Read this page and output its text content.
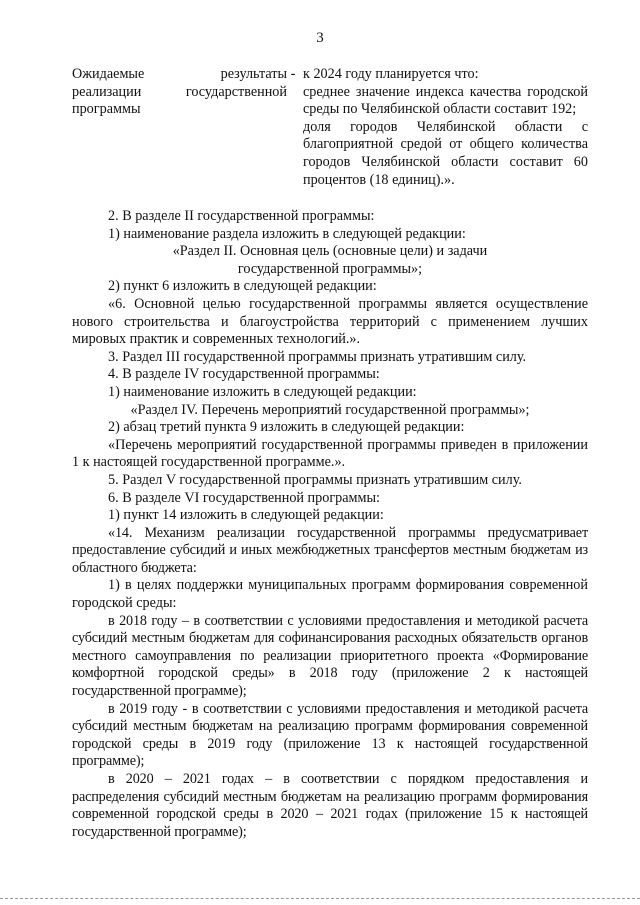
3
Ожидаемые	результаты
реализации государственной программы
- к 2024 году планируется что:

среднее значение индекса качества городской среды по Челябинской области составит 192;

доля городов Челябинской области с благоприятной средой от общего количества городов Челябинской области составит 60 процентов (18 единиц).».

2. В разделе II государственной программы:

1) наименование раздела изложить в следующей редакции:

«Раздел II. Основная цель (основные цели) и задачи государственной программы»;

2) пункт 6 изложить в следующей редакции:

«6. Основной целью государственной программы является осуществление нового строительства и благоустройства территорий с применением лучших мировых практик и современных технологий.».

3. Раздел III государственной программы признать утратившим силу.

4. В разделе IV государственной программы:

1) наименование изложить в следующей редакции:

«Раздел IV. Перечень мероприятий государственной программы»;

2) абзац третий пункта 9 изложить в следующей редакции:

«Перечень мероприятий государственной программы приведен в приложении 1 к настоящей государственной программе.».

5. Раздел V государственной программы признать утратившим силу.

6. В разделе VI государственной программы:

1) пункт 14 изложить в следующей редакции:

«14. Механизм реализации государственной программы предусматривает предоставление субсидий и иных межбюджетных трансфертов местным бюджетам из областного бюджета:

1) в целях поддержки муниципальных программ формирования современной городской среды:

в 2018 году – в соответствии с условиями предоставления и методикой расчета субсидий местным бюджетам для софинансирования расходных обязательств органов местного самоуправления по реализации приоритетного проекта «Формирование комфортной городской среды» в 2018 году (приложение 2 к настоящей государственной программе);

в 2019 году - в соответствии с условиями предоставления и методикой расчета субсидий местным бюджетам на реализацию программ формирования современной городской среды в 2019 году (приложение 13 к настоящей государственной программе);

в 2020 – 2021 годах – в соответствии с порядком предоставления и распределения субсидий местным бюджетам на реализацию программ формирования современной городской среды в 2020 – 2021 годах (приложение 15 к настоящей государственной программе);
